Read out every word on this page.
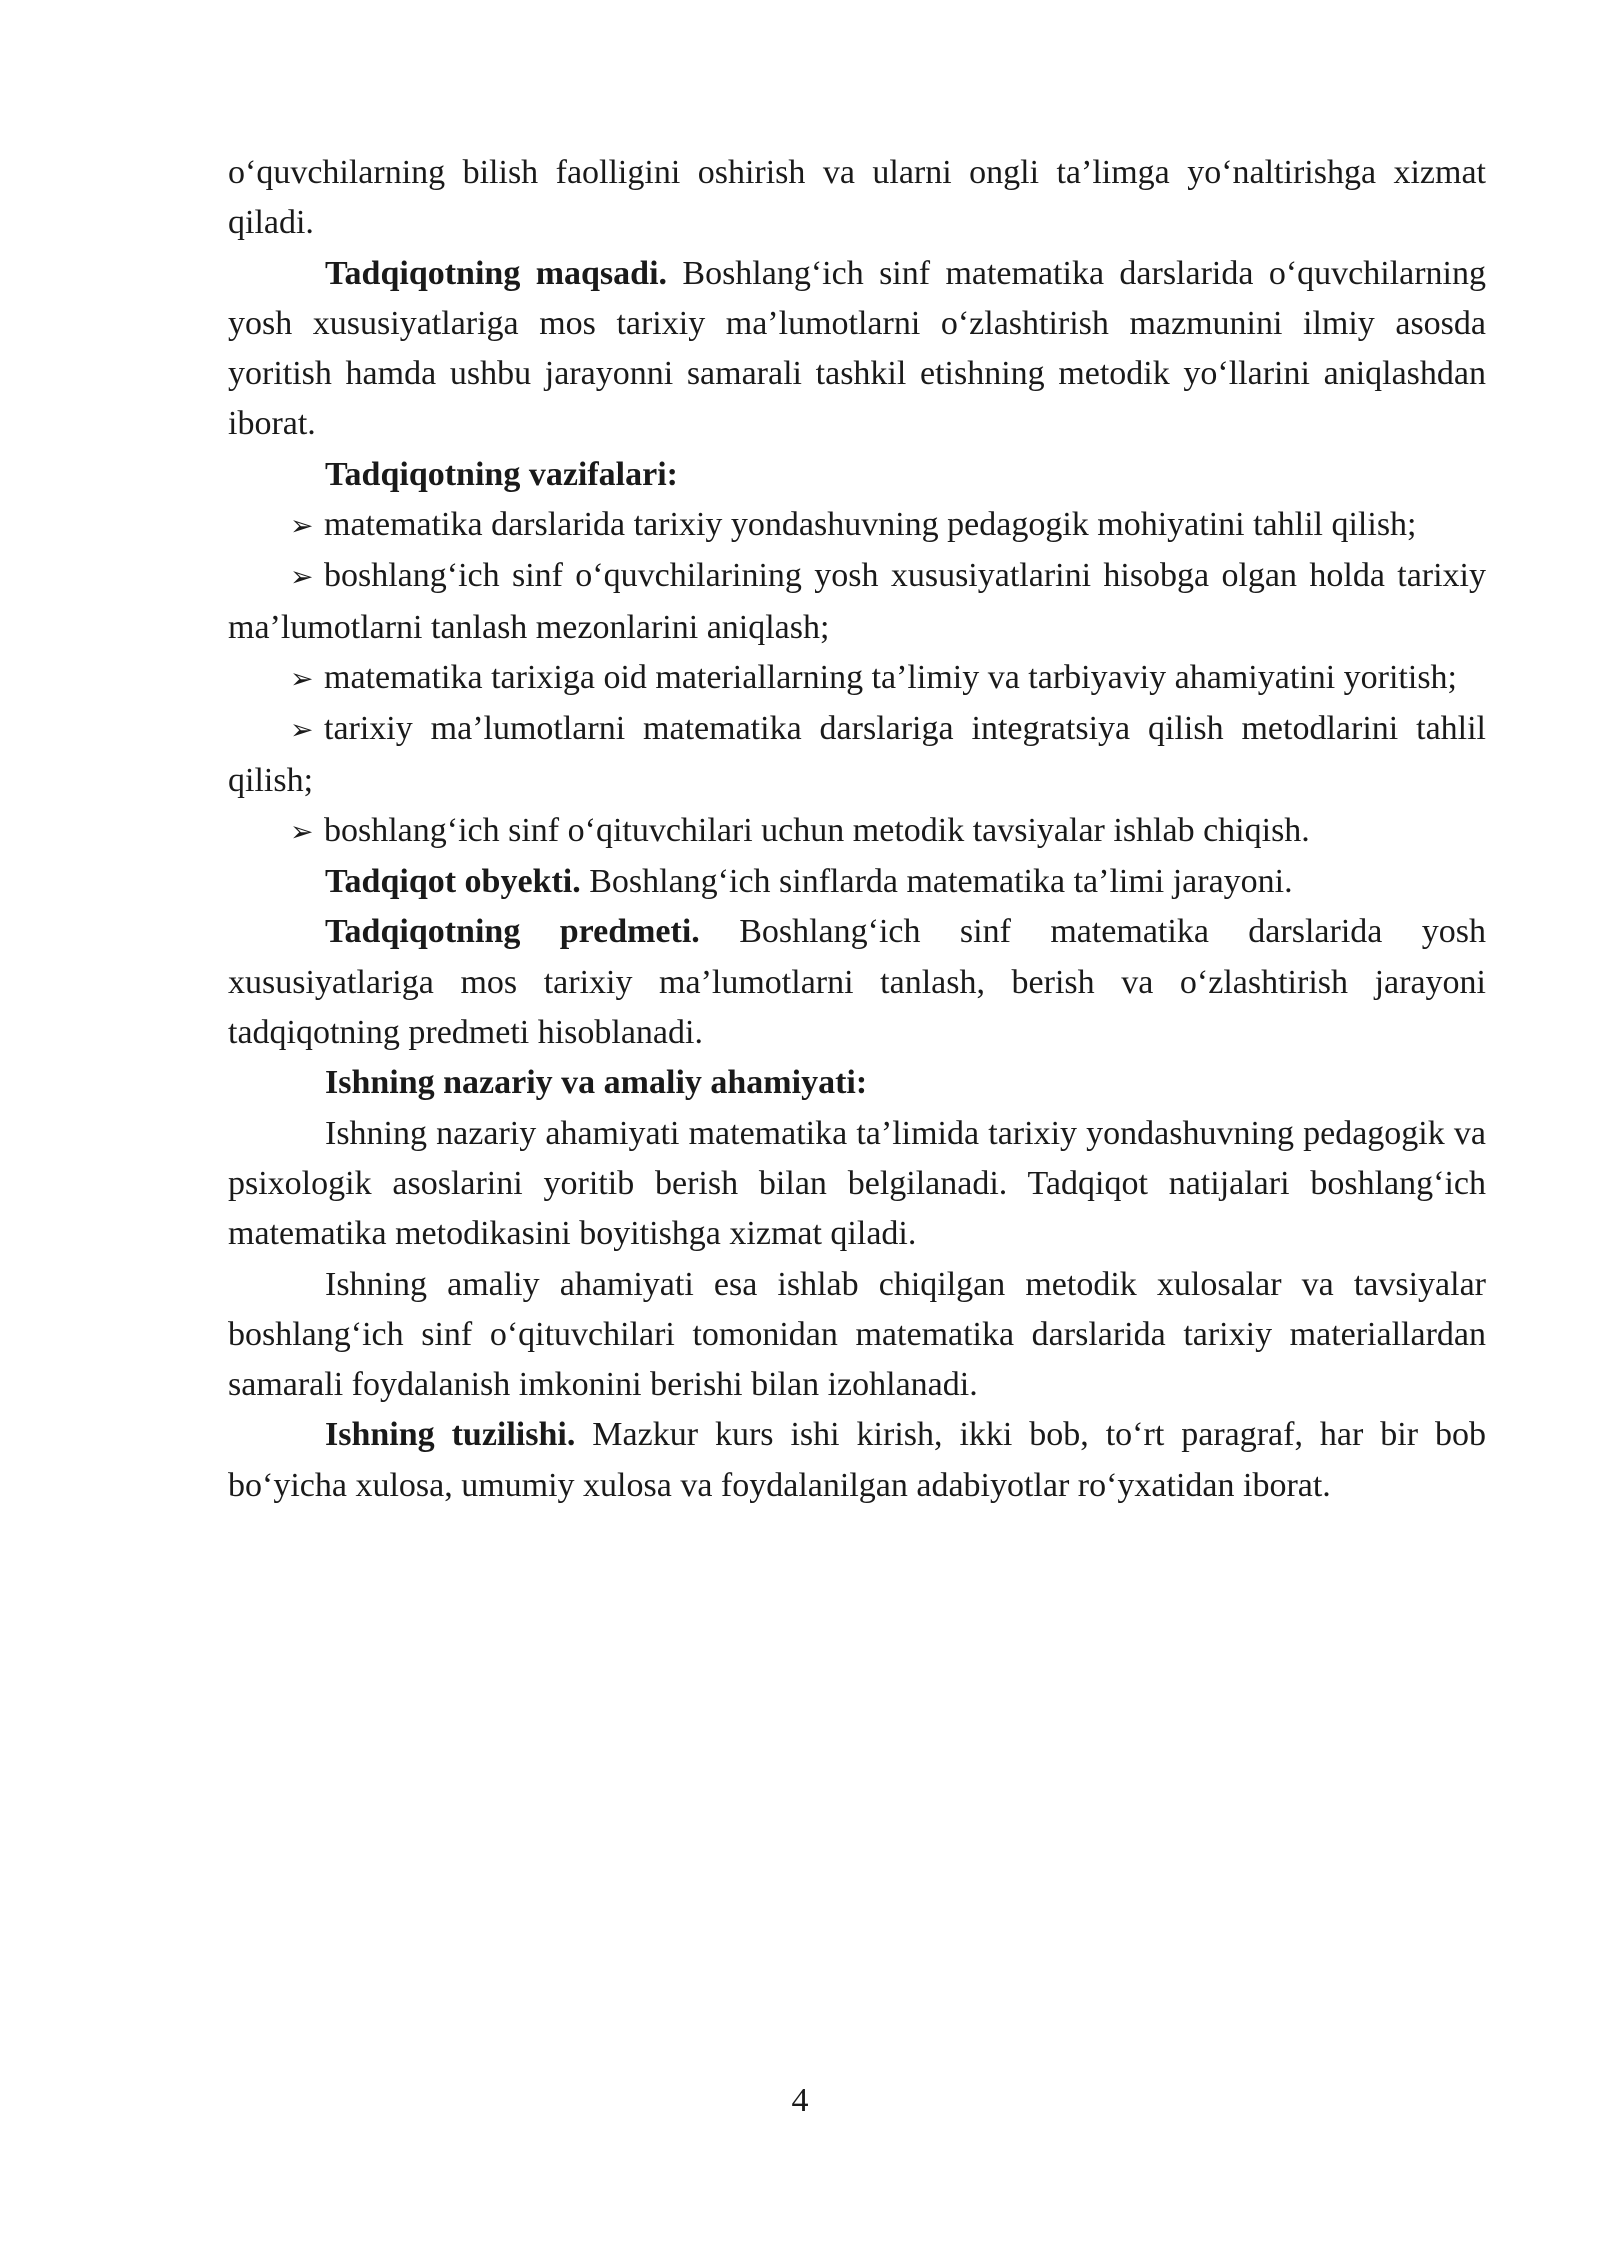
o‘quvchilarning bilish faolligini oshirish va ularni ongli ta’limga yo‘naltirishga xizmat qiladi.

Tadqiqotning maqsadi. Boshlang‘ich sinf matematika darslarida o‘quvchilarning yosh xususiyatlariga mos tarixiy ma’lumotlarni o‘zlashtirish mazmunini ilmiy asosda yoritish hamda ushbu jarayonni samarali tashkil etishning metodik yo‘llarini aniqlashdan iborat.

Tadqiqotning vazifalari:

➢ matematika darslarida tarixiy yondashuvning pedagogik mohiyatini tahlil qilish;

➢ boshlang‘ich sinf o‘quvchilarining yosh xususiyatlarini hisobga olgan holda tarixiy ma’lumotlarni tanlash mezonlarini aniqlash;

➢ matematika tarixiga oid materiallarning ta’limiy va tarbiyaviy ahamiyatini yoritish;

➢ tarixiy ma’lumotlarni matematika darslariga integratsiya qilish metodlarini tahlil qilish;

➢ boshlang‘ich sinf o‘qituvchilari uchun metodik tavsiyalar ishlab chiqish.

Tadqiqot obyekti. Boshlang‘ich sinflarda matematika ta’limi jarayoni.

Tadqiqotning predmeti. Boshlang‘ich sinf matematika darslarida yosh xususiyatlariga mos tarixiy ma’lumotlarni tanlash, berish va o‘zlashtirish jarayoni tadqiqotning predmeti hisoblanadi.

Ishning nazariy va amaliy ahamiyati:

Ishning nazariy ahamiyati matematika ta’limida tarixiy yondashuvning pedagogik va psixologik asoslarini yoritib berish bilan belgilanadi. Tadqiqot natijalari boshlang‘ich matematika metodikasini boyitishga xizmat qiladi.

Ishning amaliy ahamiyati esa ishlab chiqilgan metodik xulosalar va tavsiyalar boshlang‘ich sinf o‘qituvchilari tomonidan matematika darslarida tarixiy materiallardan samarali foydalanish imkonini berishi bilan izohlanadi.

Ishning tuzilishi. Mazkur kurs ishi kirish, ikki bob, to‘rt paragraf, har bir bob bo‘yicha xulosa, umumiy xulosa va foydalanilgan adabiyotlar ro‘yxatidan iborat.

4
